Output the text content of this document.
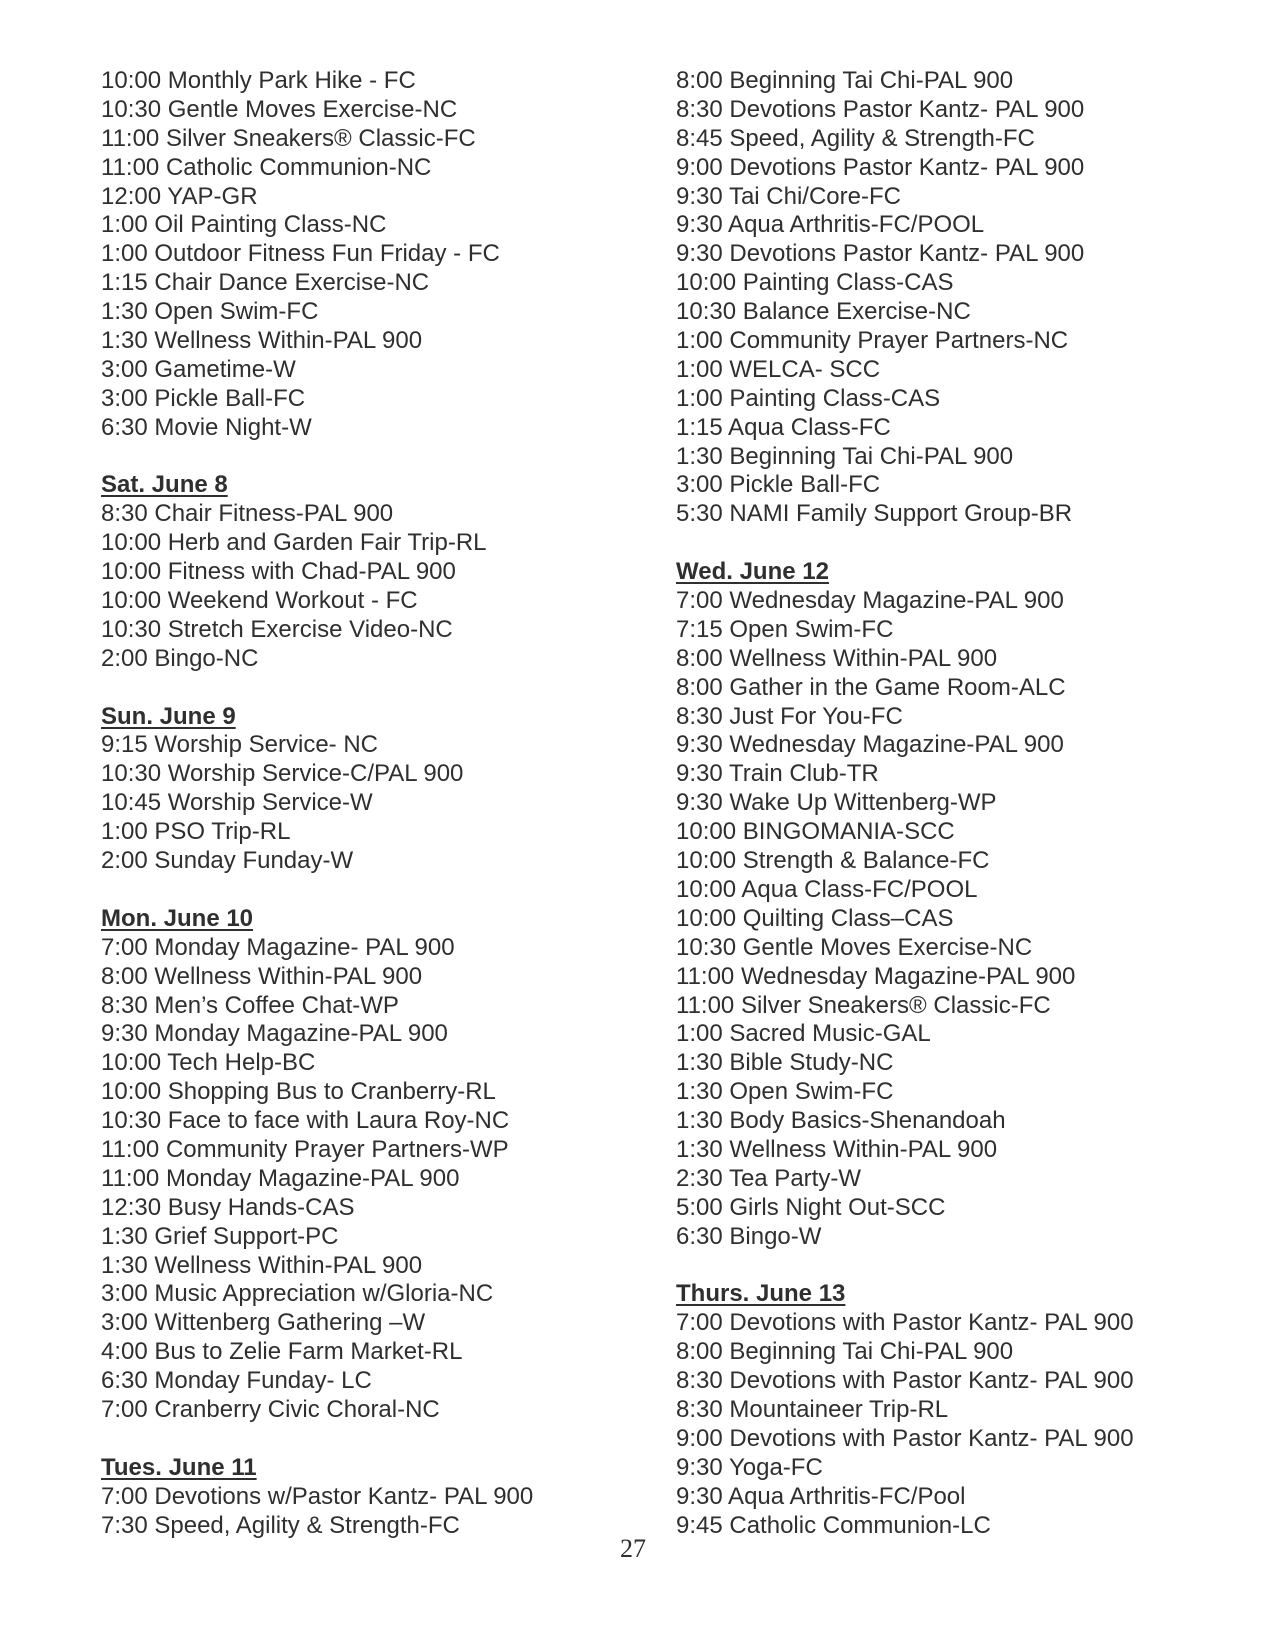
10:00 Monthly Park Hike - FC
10:30 Gentle Moves Exercise-NC
11:00 Silver Sneakers® Classic-FC
11:00 Catholic Communion-NC
12:00 YAP-GR
1:00 Oil Painting Class-NC
1:00 Outdoor Fitness Fun Friday - FC
1:15 Chair Dance Exercise-NC
1:30 Open Swim-FC
1:30 Wellness Within-PAL 900
3:00 Gametime-W
3:00 Pickle Ball-FC
6:30 Movie Night-W
Sat. June 8
8:30 Chair Fitness-PAL 900
10:00 Herb and Garden Fair Trip-RL
10:00 Fitness with Chad-PAL 900
10:00 Weekend Workout - FC
10:30 Stretch Exercise Video-NC
2:00 Bingo-NC
Sun. June 9
9:15 Worship Service- NC
10:30 Worship Service-C/PAL 900
10:45 Worship Service-W
1:00 PSO Trip-RL
2:00 Sunday Funday-W
Mon. June 10
7:00 Monday Magazine- PAL 900
8:00 Wellness Within-PAL 900
8:30 Men’s Coffee Chat-WP
9:30 Monday Magazine-PAL 900
10:00 Tech Help-BC
10:00 Shopping Bus to Cranberry-RL
10:30 Face to face with Laura Roy-NC
11:00 Community Prayer Partners-WP
11:00 Monday Magazine-PAL 900
12:30 Busy Hands-CAS
1:30 Grief Support-PC
1:30 Wellness Within-PAL 900
3:00 Music Appreciation w/Gloria-NC
3:00 Wittenberg Gathering –W
4:00 Bus to Zelie Farm Market-RL
6:30 Monday Funday- LC
7:00 Cranberry Civic Choral-NC
Tues. June 11
7:00 Devotions w/Pastor Kantz- PAL 900
7:30 Speed, Agility & Strength-FC
8:00 Beginning Tai Chi-PAL 900
8:30 Devotions Pastor Kantz- PAL 900
8:45 Speed, Agility & Strength-FC
9:00 Devotions Pastor Kantz- PAL 900
9:30 Tai Chi/Core-FC
9:30 Aqua Arthritis-FC/POOL
9:30 Devotions Pastor Kantz- PAL 900
10:00 Painting Class-CAS
10:30 Balance Exercise-NC
1:00 Community Prayer Partners-NC
1:00 WELCA- SCC
1:00 Painting Class-CAS
1:15 Aqua Class-FC
1:30 Beginning Tai Chi-PAL 900
3:00 Pickle Ball-FC
5:30 NAMI Family Support Group-BR
Wed. June 12
7:00 Wednesday Magazine-PAL 900
7:15 Open Swim-FC
8:00 Wellness Within-PAL 900
8:00 Gather in the Game Room-ALC
8:30 Just For You-FC
9:30 Wednesday Magazine-PAL 900
9:30 Train Club-TR
9:30 Wake Up Wittenberg-WP
10:00 BINGOMANIA-SCC
10:00 Strength & Balance-FC
10:00 Aqua Class-FC/POOL
10:00 Quilting Class–CAS
10:30 Gentle Moves Exercise-NC
11:00 Wednesday Magazine-PAL 900
11:00 Silver Sneakers® Classic-FC
1:00 Sacred Music-GAL
1:30 Bible Study-NC
1:30 Open Swim-FC
1:30 Body Basics-Shenandoah
1:30 Wellness Within-PAL 900
2:30 Tea Party-W
5:00 Girls Night Out-SCC
6:30 Bingo-W
Thurs. June 13
7:00 Devotions with Pastor Kantz- PAL 900
8:00 Beginning Tai Chi-PAL 900
8:30 Devotions with Pastor Kantz- PAL 900
8:30 Mountaineer Trip-RL
9:00 Devotions with Pastor Kantz- PAL 900
9:30 Yoga-FC
9:30 Aqua Arthritis-FC/Pool
9:45 Catholic Communion-LC
27
